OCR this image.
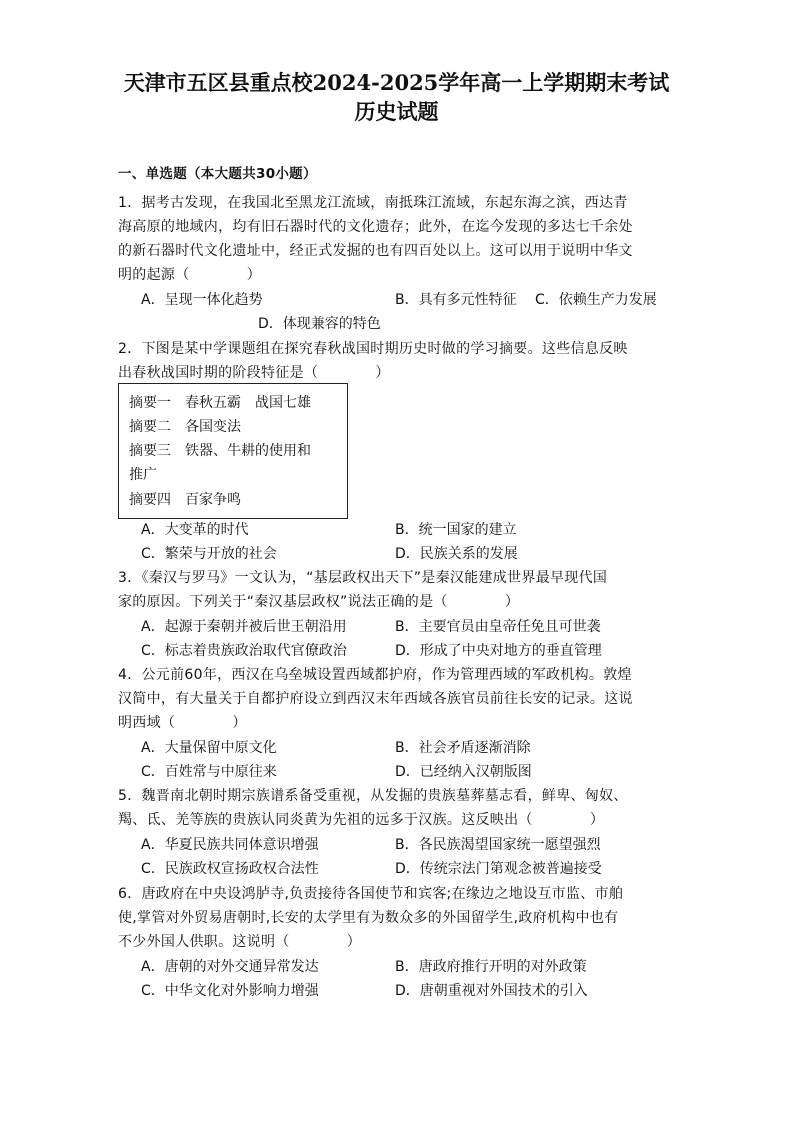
天津市五区县重点校2024-2025学年高一上学期期末考试
历史试题
一、单选题（本大题共30小题）
1．据考古发现，在我国北至黑龙江流域，南抵珠江流域，东起东海之滨，西达青
海高原的地域内，均有旧石器时代的文化遗存；此外，在迄今发现的多达七千余处
的新石器时代文化遗址中，经正式发掘的也有四百处以上。这可以用于说明中华文
明的起源（　　　　）
A．呈现一体化趋势	B．具有多元性特征 C．依赖生产力发展
D．体现兼容的特色
2．下图是某中学课题组在探究春秋战国时期历史时做的学习摘要。这些信息反映
出春秋战国时期的阶段特征是（　　　　）
摘要一　春秋五霸　战国七雄
摘要二　各国变法
摘要三　铁器、牛耕的使用和
推广
摘要四　百家争鸣
A．大变革的时代	B．统一国家的建立
C．繁荣与开放的社会	D．民族关系的发展
3．《秦汉与罗马》一文认为，“基层政权出天下”是秦汉能建成世界最早现代国
家的原因。下列关于“秦汉基层政权”说法正确的是（　　　　）
A．起源于秦朝并被后世王朝沿用	B．主要官员由皇帝任免且可世袭
C．标志着贵族政治取代官僚政治	D．形成了中央对地方的垂直管理
4．公元前60年，西汉在乌垒城设置西域都护府，作为管理西域的军政机构。敦煌
汉简中，有大量关于自都护府设立到西汉末年西域各族官员前往长安的记录。这说
明西域（　　　　）
A．大量保留中原文化	B．社会矛盾逐渐消除
C．百姓常与中原往来	D．已经纳入汉朝版图
5．魏晋南北朝时期宗族谱系备受重视，从发掘的贵族墓葬墓志看，鲜卑、匈奴、
羯、氐、羌等族的贵族认同炎黄为先祖的远多于汉族。这反映出（　　　　）
A．华夏民族共同体意识增强	B．各民族渴望国家统一愿望强烈
C．民族政权宣扬政权合法性	D．传统宗法门第观念被普遍接受
6．唐政府在中央设鸿胪寺,负责接待各国使节和宾客;在缘边之地设互市监、市舶
使,掌管对外贸易唐朝时,长安的太学里有为数众多的外国留学生,政府机构中也有
不少外国人供职。这说明（　　　　）
A．唐朝的对外交通异常发达	B．唐政府推行开明的对外政策
C．中华文化对外影响力增强	D．唐朝重视对外国技术的引入
